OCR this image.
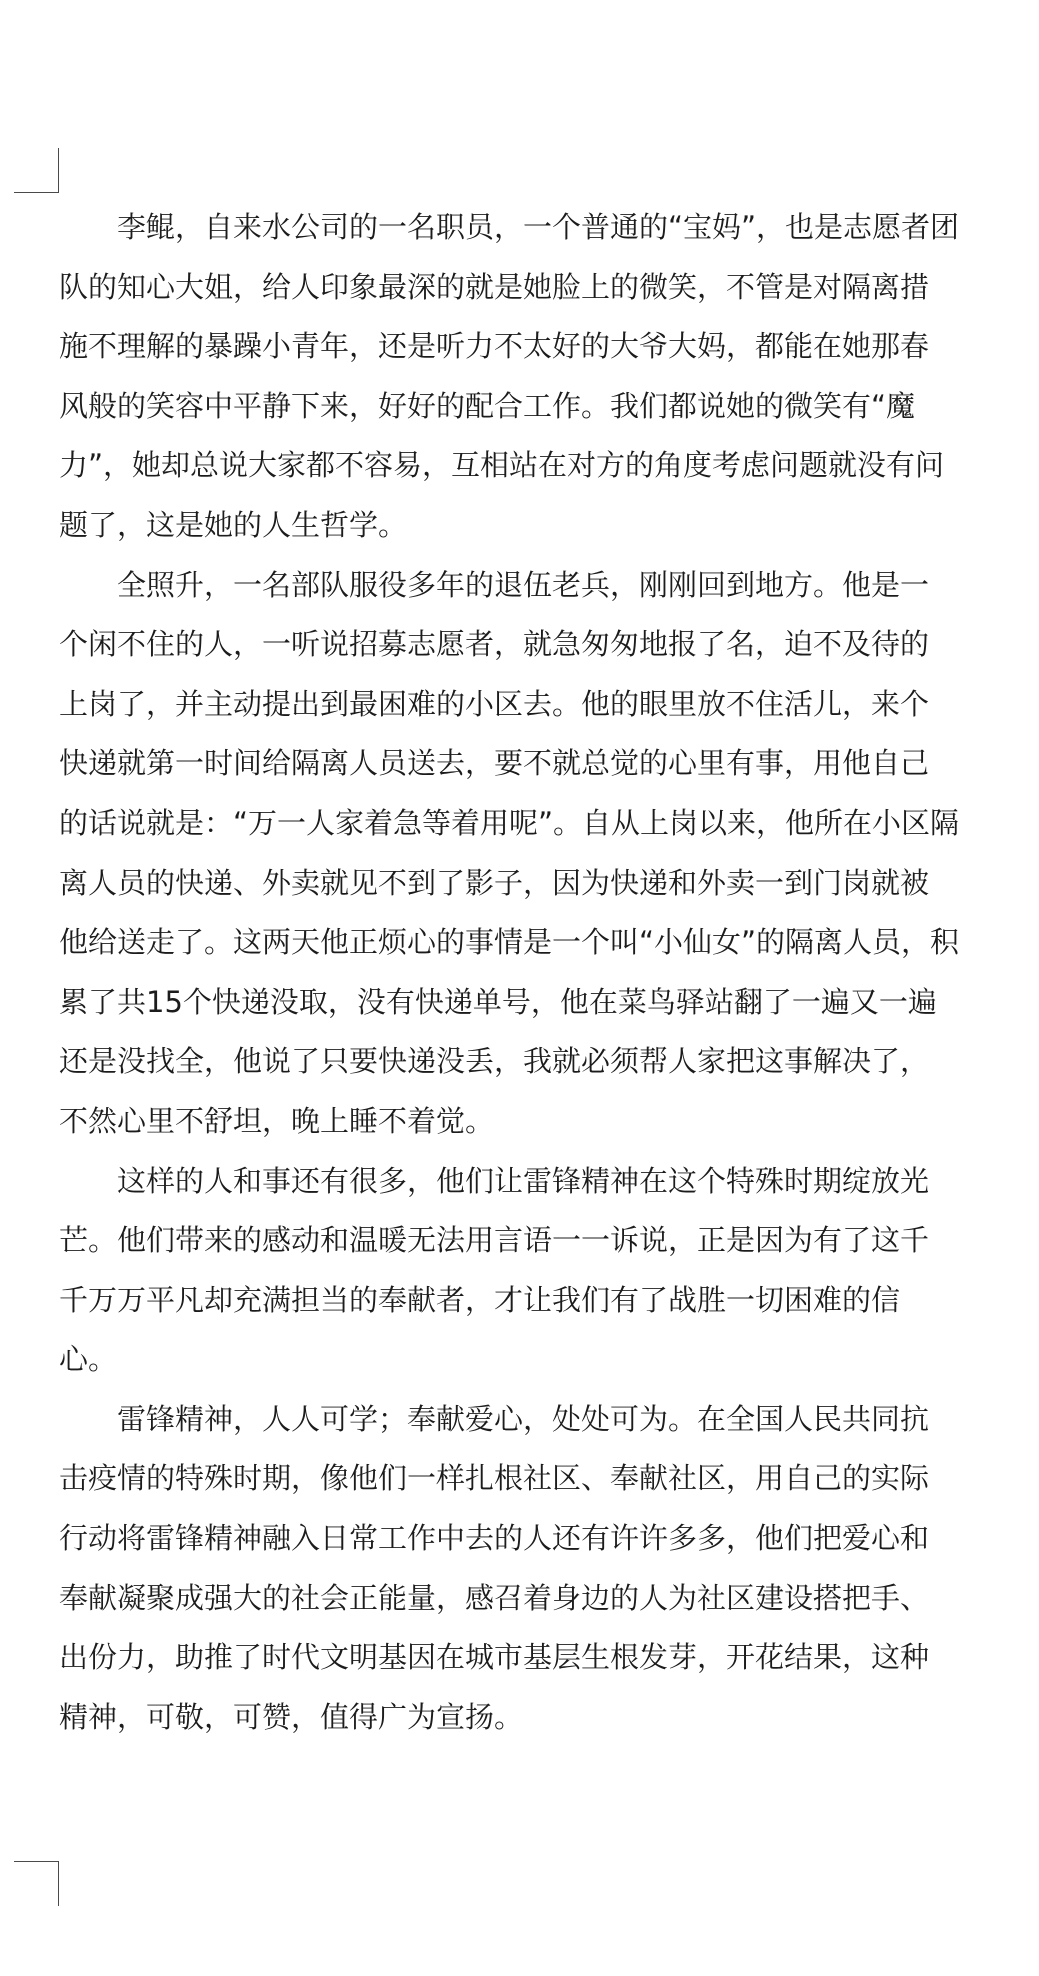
李鲲，自来水公司的一名职员，一个普通的“宝妈”，也是志愿者团
队的知心大姐，给人印象最深的就是她脸上的微笑，不管是对隔离措
施不理解的暴躁小青年，还是听力不太好的大爷大妈，都能在她那春
风般的笑容中平静下来，好好的配合工作。我们都说她的微笑有“魔
力”，她却总说大家都不容易，互相站在对方的角度考虑问题就没有问
题了，这是她的人生哲学。

全照升，一名部队服役多年的退伍老兵，刚刚回到地方。他是一
个闲不住的人，一听说招募志愿者，就急匆匆地报了名，迫不及待的
上岗了，并主动提出到最困难的小区去。他的眼里放不住活儿，来个
快递就第一时间给隔离人员送去，要不就总觉的心里有事，用他自己
的话说就是：“万一人家着急等着用呢”。自从上岗以来，他所在小区隔
离人员的快递、外卖就见不到了影子，因为快递和外卖一到门岗就被
他给送走了。这两天他正烦心的事情是一个叫“小仙女”的隔离人员，积
累了共15个快递没取，没有快递单号，他在菜鸟驿站翻了一遍又一遍
还是没找全，他说了只要快递没丢，我就必须帮人家把这事解决了，
不然心里不舒坦，晚上睡不着觉。

这样的人和事还有很多，他们让雷锋精神在这个特殊时期绽放光
芒。他们带来的感动和温暖无法用言语一一诉说，正是因为有了这千
千万万平凡却充满担当的奉献者，才让我们有了战胜一切困难的信
心。

雷锋精神，人人可学；奉献爱心，处处可为。在全国人民共同抗
击疫情的特殊时期，像他们一样扎根社区、奉献社区，用自己的实际
行动将雷锋精神融入日常工作中去的人还有许许多多，他们把爱心和
奉献凝聚成强大的社会正能量，感召着身边的人为社区建设搭把手、
出份力，助推了时代文明基因在城市基层生根发芽，开花结果，这种
精神，可敬，可赞，值得广为宣扬。
